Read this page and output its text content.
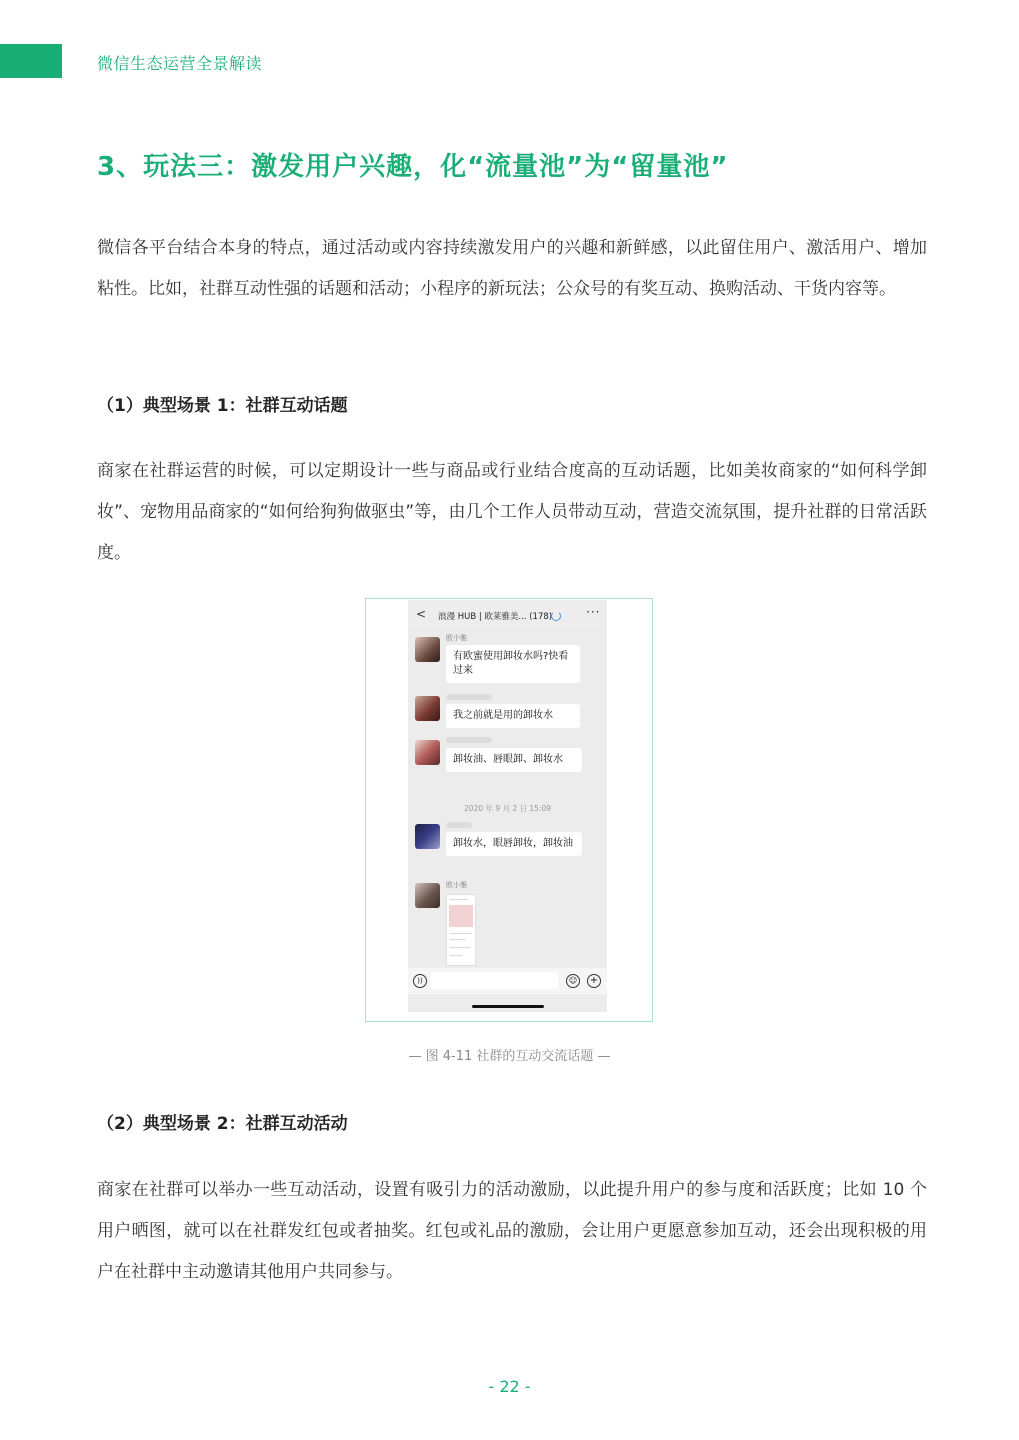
微信生态运营全景解读
3、玩法三：激发用户兴趣，化“流量池”为“留量池”

微信各平台结合本身的特点，通过活动或内容持续激发用户的兴趣和新鲜感，以此留住用户、激活用户、增加粘性。比如，社群互动性强的话题和活动；小程序的新玩法；公众号的有奖互动、换购活动、干货内容等。

（1）典型场景 1：社群互动话题

商家在社群运营的时候，可以定期设计一些与商品或行业结合度高的互动话题，比如美妆商家的“如何科学卸妆”、宠物用品商家的“如何给狗狗做驱虫”等，由几个工作人员带动互动，营造交流氛围，提升社群的日常活跃度。

< 浪漫 HUB | 欧莱雅美... (178)	···
欧小雅
有欧蜜使用卸妆水吗?快看过来
我之前就是用的卸妆水
卸妆油、唇眼卸、卸妆水
2020 年 9 月 2 日 15:09
卸妆水，眼唇卸妆，卸妆油
欧小雅
))	☺ +
— 图 4-11 社群的互动交流话题 —
（2）典型场景 2：社群互动活动

商家在社群可以举办一些互动活动，设置有吸引力的活动激励，以此提升用户的参与度和活跃度；比如 10 个用户晒图，就可以在社群发红包或者抽奖。红包或礼品的激励，会让用户更愿意参加互动，还会出现积极的用户在社群中主动邀请其他用户共同参与。

- 22 -
